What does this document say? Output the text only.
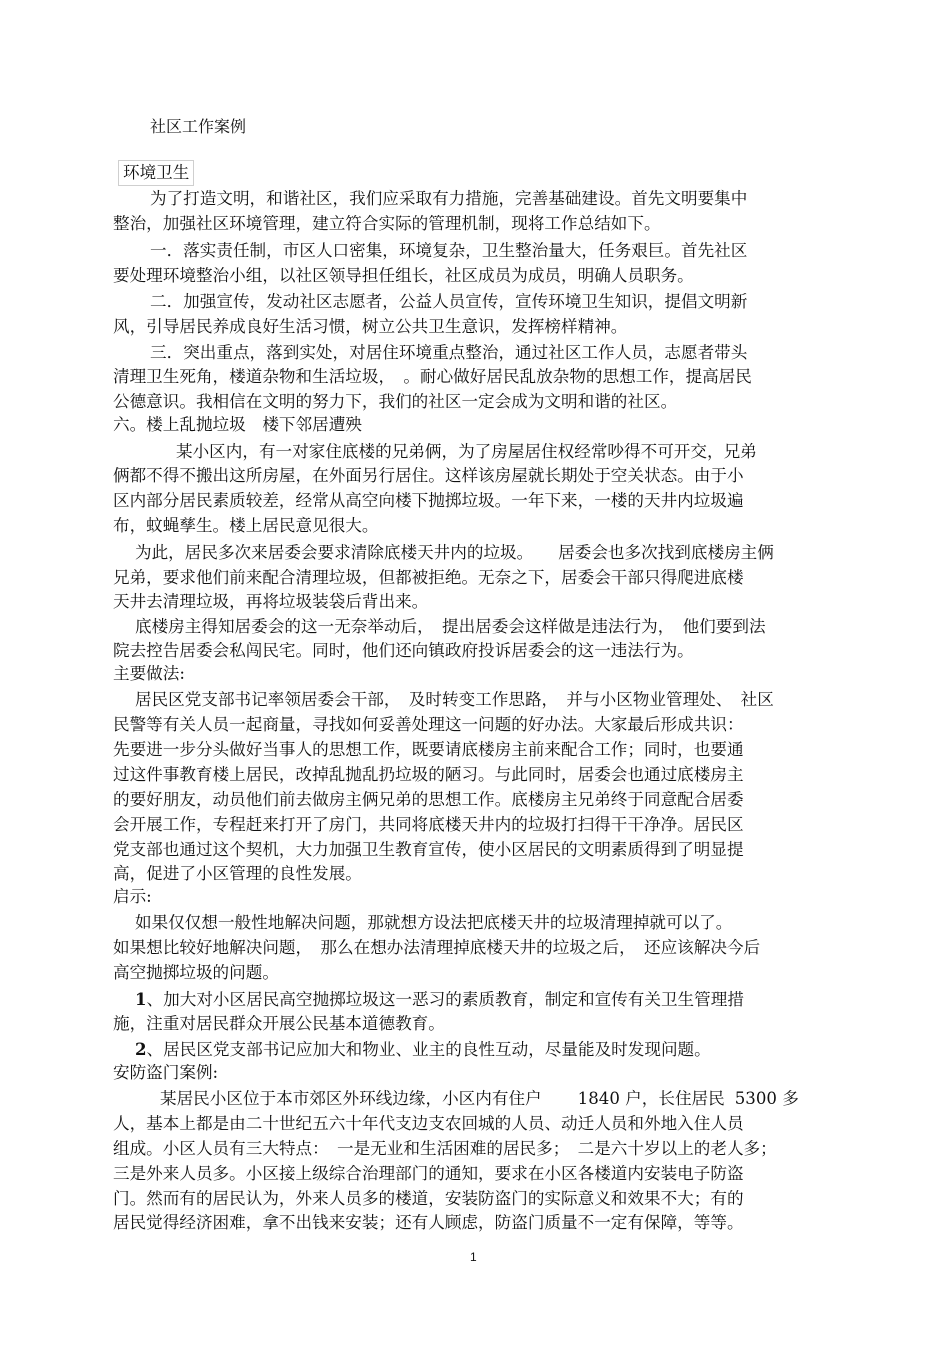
社区工作案例

环境卫生

为了打造文明，和谐社区，我们应采取有力措施，完善基础建设。首先文明要集中

整治，加强社区环境管理，建立符合实际的管理机制，现将工作总结如下。

一．落实责任制，市区人口密集，环境复杂，卫生整治量大，任务艰巨。首先社区

要处理环境整治小组，以社区领导担任组长，社区成员为成员，明确人员职务。

二．加强宣传，发动社区志愿者，公益人员宣传，宣传环境卫生知识，提倡文明新

风，引导居民养成良好生活习惯，树立公共卫生意识，发挥榜样精神。

三．突出重点，落到实处，对居住环境重点整治，通过社区工作人员，志愿者带头

清理卫生死角，楼道杂物和生活垃圾，　。耐心做好居民乱放杂物的思想工作，提高居民

公德意识。我相信在文明的努力下，我们的社区一定会成为文明和谐的社区。

六。楼上乱抛垃圾　楼下邻居遭殃

某小区内，有一对家住底楼的兄弟俩，为了房屋居住权经常吵得不可开交，兄弟

俩都不得不搬出这所房屋，在外面另行居住。这样该房屋就长期处于空关状态。由于小

区内部分居民素质较差，经常从高空向楼下抛掷垃圾。一年下来，一楼的天井内垃圾遍

布，蚊蝇孳生。楼上居民意见很大。

为此，居民多次来居委会要求清除底楼天井内的垃圾。　　居委会也多次找到底楼房主俩

兄弟，要求他们前来配合清理垃圾，但都被拒绝。无奈之下，居委会干部只得爬进底楼

天井去清理垃圾，再将垃圾装袋后背出来。

底楼房主得知居委会的这一无奈举动后，　提出居委会这样做是违法行为，　他们要到法

院去控告居委会私闯民宅。同时，他们还向镇政府投诉居委会的这一违法行为。

主要做法:

居民区党支部书记率领居委会干部，　及时转变工作思路，　并与小区物业管理处、　社区

民警等有关人员一起商量，寻找如何妥善处理这一问题的好办法。大家最后形成共识：

先要进一步分头做好当事人的思想工作，既要请底楼房主前来配合工作；同时，也要通

过这件事教育楼上居民，改掉乱抛乱扔垃圾的陋习。与此同时，居委会也通过底楼房主

的要好朋友，动员他们前去做房主俩兄弟的思想工作。底楼房主兄弟终于同意配合居委

会开展工作，专程赶来打开了房门，共同将底楼天井内的垃圾打扫得干干净净。居民区

党支部也通过这个契机，大力加强卫生教育宣传，使小区居民的文明素质得到了明显提

高，促进了小区管理的良性发展。

启示:

如果仅仅想一般性地解决问题，那就想方设法把底楼天井的垃圾清理掉就可以了。

如果想比较好地解决问题，　那么在想办法清理掉底楼天井的垃圾之后，　还应该解决今后

高空抛掷垃圾的问题。

1、加大对小区居民高空抛掷垃圾这一恶习的素质教育，制定和宣传有关卫生管理措

施，注重对居民群众开展公民基本道德教育。

2、居民区党支部书记应加大和物业、业主的良性互动，尽量能及时发现问题。

安防盗门案例:

某居民小区位于本市郊区外环线边缘，小区内有住户 1840 户，长住居民 5300 多

人，基本上都是由二十世纪五六十年代支边支农回城的人员、动迁人员和外地入住人员

组成。小区人员有三大特点：　一是无业和生活困难的居民多；　二是六十岁以上的老人多；

三是外来人员多。小区接上级综合治理部门的通知，要求在小区各楼道内安装电子防盗

门。然而有的居民认为，外来人员多的楼道，安装防盗门的实际意义和效果不大；有的

居民觉得经济困难，拿不出钱来安装；还有人顾虑，防盗门质量不一定有保障，等等。

1
